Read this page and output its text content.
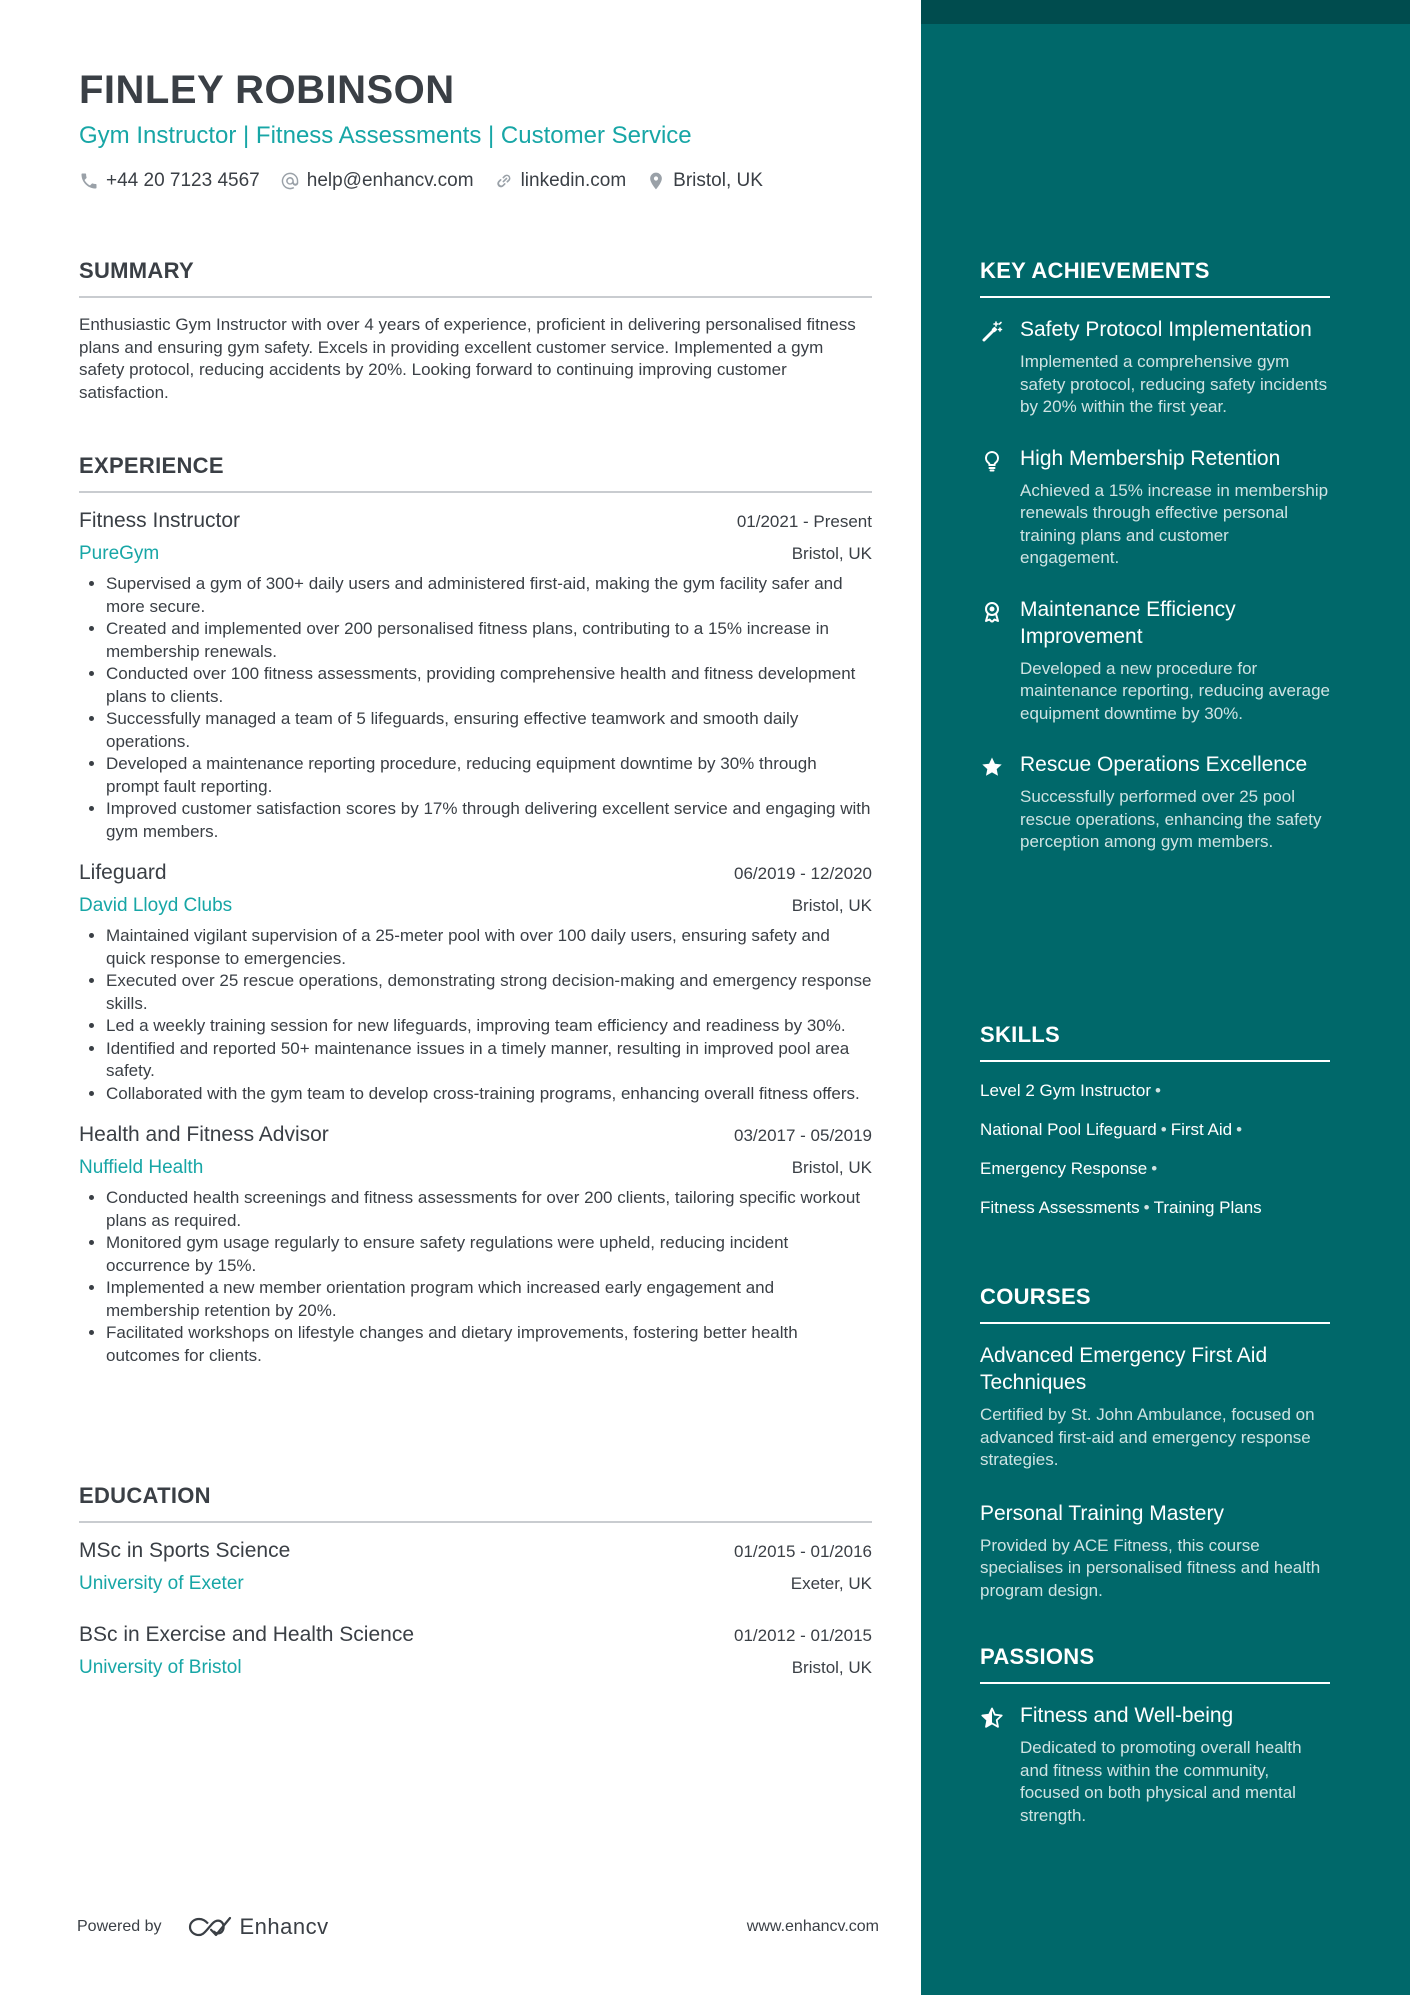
FINLEY ROBINSON
Gym Instructor | Fitness Assessments | Customer Service
+44 20 7123 4567 help@enhancv.com linkedin.com Bristol, UK
SUMMARY

Enthusiastic Gym Instructor with over 4 years of experience, proficient in delivering personalised fitness plans and ensuring gym safety. Excels in providing excellent customer service. Implemented a gym safety protocol, reducing accidents by 20%. Looking forward to continuing improving customer satisfaction.

EXPERIENCE
Fitness Instructor	01/2021 - Present
PureGym	Bristol, UK
• Supervised a gym of 300+ daily users and administered first-aid, making the gym facility safer and more secure.
• Created and implemented over 200 personalised fitness plans, contributing to a 15% increase in membership renewals.
• Conducted over 100 fitness assessments, providing comprehensive health and fitness development plans to clients.
• Successfully managed a team of 5 lifeguards, ensuring effective teamwork and smooth daily operations.
• Developed a maintenance reporting procedure, reducing equipment downtime by 30% through prompt fault reporting.
• Improved customer satisfaction scores by 17% through delivering excellent service and engaging with gym members.
Lifeguard	06/2019 - 12/2020
David Lloyd Clubs	Bristol, UK
• Maintained vigilant supervision of a 25-meter pool with over 100 daily users, ensuring safety and quick response to emergencies.
• Executed over 25 rescue operations, demonstrating strong decision-making and emergency response skills.
• Led a weekly training session for new lifeguards, improving team efficiency and readiness by 30%.
• Identified and reported 50+ maintenance issues in a timely manner, resulting in improved pool area safety.
• Collaborated with the gym team to develop cross-training programs, enhancing overall fitness offers.
Health and Fitness Advisor	03/2017 - 05/2019
Nuffield Health	Bristol, UK
• Conducted health screenings and fitness assessments for over 200 clients, tailoring specific workout plans as required.
• Monitored gym usage regularly to ensure safety regulations were upheld, reducing incident occurrence by 15%.
• Implemented a new member orientation program which increased early engagement and membership retention by 20%.
• Facilitated workshops on lifestyle changes and dietary improvements, fostering better health outcomes for clients.
EDUCATION
MSc in Sports Science	01/2015 - 01/2016
University of Exeter	Exeter, UK
BSc in Exercise and Health Science	01/2012 - 01/2015
University of Bristol	Bristol, UK
Powered by	Enhancv	www.enhancv.com
KEY ACHIEVEMENTS
Safety Protocol Implementation
Implemented a comprehensive gym safety protocol, reducing safety incidents by 20% within the first year.
High Membership Retention
Achieved a 15% increase in membership renewals through effective personal training plans and customer engagement.
Maintenance Efficiency Improvement
Developed a new procedure for maintenance reporting, reducing average equipment downtime by 30%.
Rescue Operations Excellence
Successfully performed over 25 pool rescue operations, enhancing the safety perception among gym members.
SKILLS
Level 2 Gym Instructor •
National Pool Lifeguard • First Aid •
Emergency Response •
Fitness Assessments • Training Plans
COURSES
Advanced Emergency First Aid Techniques
Certified by St. John Ambulance, focused on advanced first-aid and emergency response strategies.
Personal Training Mastery
Provided by ACE Fitness, this course specialises in personalised fitness and health program design.
PASSIONS
Fitness and Well-being
Dedicated to promoting overall health and fitness within the community, focused on both physical and mental strength.
